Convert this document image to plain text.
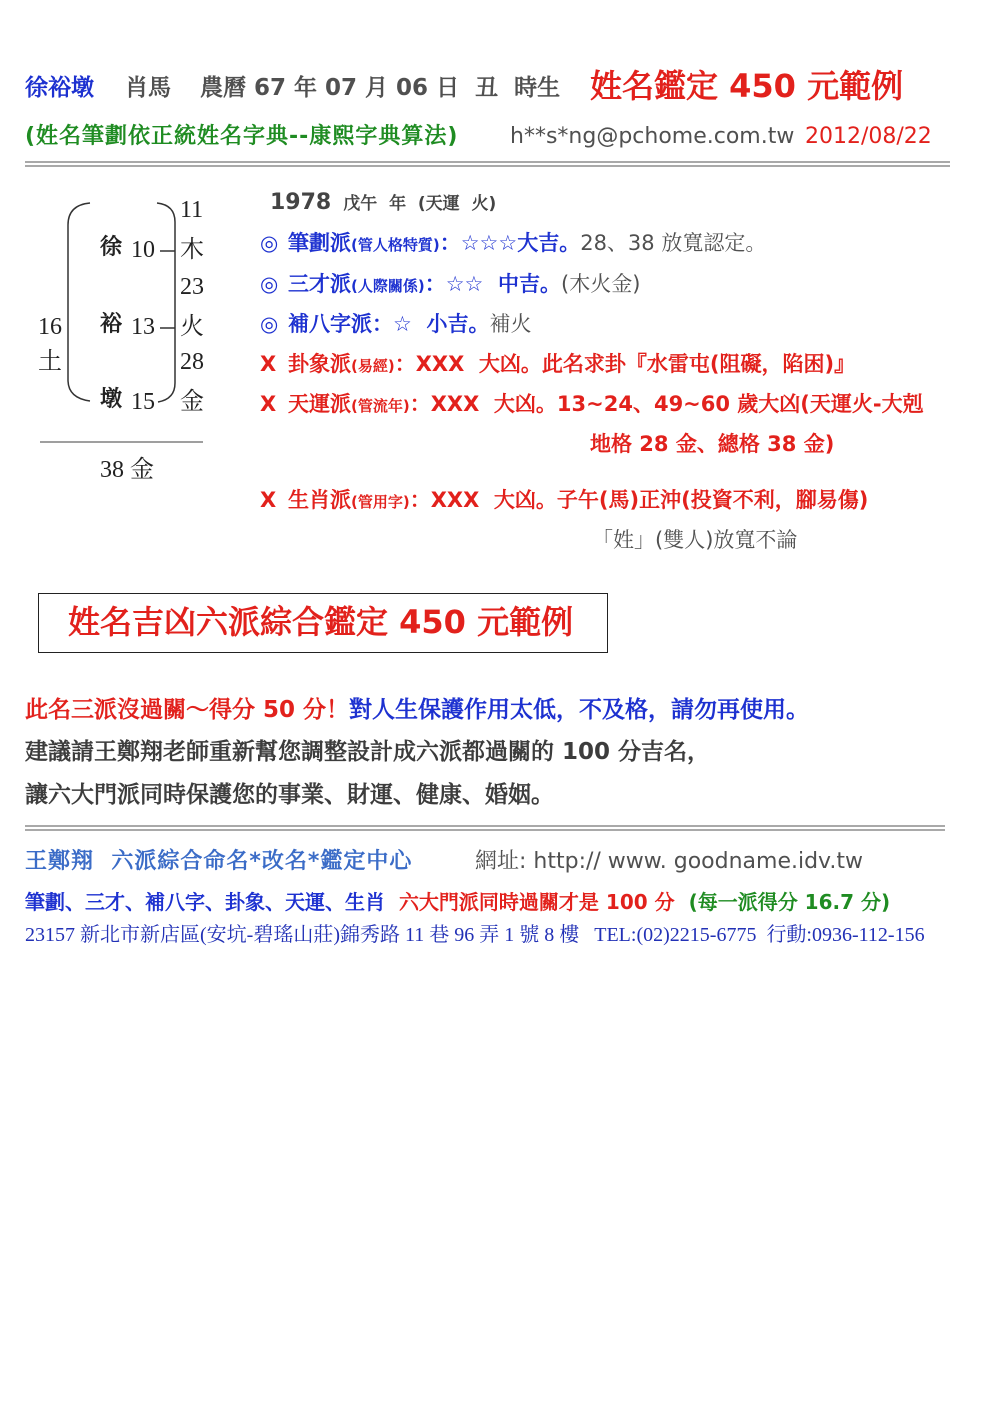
徐裕墩 肖馬 農曆 67 年 07 月 06 日  丑  時生 姓名鑑定 450 元範例
(姓名筆劃依正統姓名字典--康熙字典算法) h**s*ng@pchome.com.tw 2012/08/22
11
徐 10 木
23
16 裕 13 火
土	28
墩 15 金
38 金
1978 戊午  年  (天運  火)
◎ 筆劃派(管人格特質)：☆☆☆大吉。28、38 放寬認定。
◎ 三才派(人際關係)：☆☆  中吉。(木火金)
◎ 補八字派：☆  小吉。補火
X 卦象派(易經)：XXX  大凶。此名求卦『水雷屯(阻礙，陷困)』
X 天運派(管流年)：XXX  大凶。13~24、49~60 歲大凶(天運火-大剋
地格 28 金、總格 38 金)
X 生肖派(管用字)：XXX  大凶。子午(馬)正沖(投資不利，腳易傷)
「姓」(雙人)放寬不論
姓名吉凶六派綜合鑑定 450 元範例
此名三派沒過關～得分 50 分！對人生保護作用太低，不及格，請勿再使用。
建議請王鄭翔老師重新幫您調整設計成六派都過關的 100 分吉名，
讓六大門派同時保護您的事業、財運、健康、婚姻。
王鄭翔  六派綜合命名*改名*鑑定中心	網址: http:// www. goodname.idv.tw
筆劃、三才、補八字、卦象、天運、生肖 六大門派同時過關才是 100 分 (每一派得分 16.7 分)
23157 新北市新店區(安坑-碧瑤山莊)錦秀路 11 巷 96 弄 1 號 8 樓 TEL:(02)2215-6775 行動:0936-112-156
